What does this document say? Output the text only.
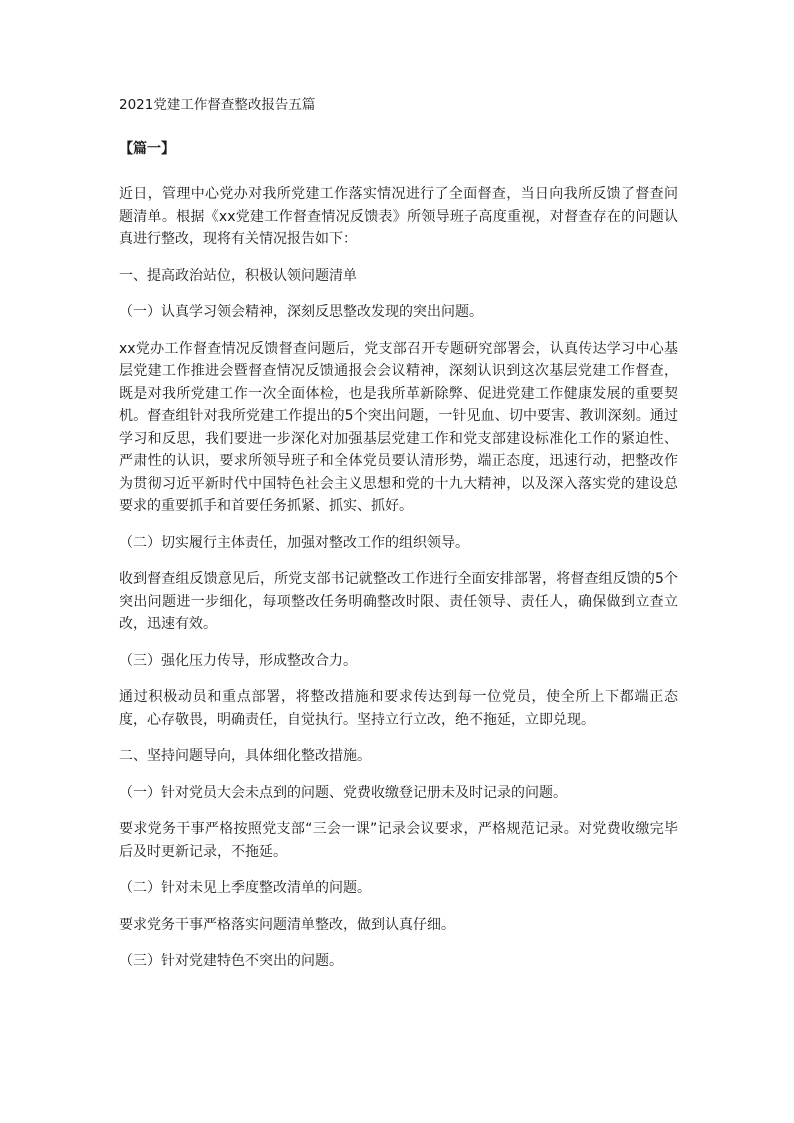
2021党建工作督查整改报告五篇

【篇一】

近日，管理中心党办对我所党建工作落实情况进行了全面督查，当日向我所反馈了督查问题清单。根据《xx党建工作督查情况反馈表》所领导班子高度重视，对督查存在的问题认真进行整改，现将有关情况报告如下：

一、提高政治站位，积极认领问题清单

（一）认真学习领会精神，深刻反思整改发现的突出问题。

xx党办工作督查情况反馈督查问题后，党支部召开专题研究部署会，认真传达学习中心基层党建工作推进会暨督查情况反馈通报会会议精神，深刻认识到这次基层党建工作督查，既是对我所党建工作一次全面体检，也是我所革新除弊、促进党建工作健康发展的重要契机。督查组针对我所党建工作提出的5个突出问题，一针见血、切中要害、教训深刻。通过学习和反思，我们要进一步深化对加强基层党建工作和党支部建设标准化工作的紧迫性、严肃性的认识，要求所领导班子和全体党员要认清形势，端正态度，迅速行动，把整改作为贯彻习近平新时代中国特色社会主义思想和党的十九大精神，以及深入落实党的建设总要求的重要抓手和首要任务抓紧、抓实、抓好。

（二）切实履行主体责任，加强对整改工作的组织领导。

收到督查组反馈意见后，所党支部书记就整改工作进行全面安排部署，将督查组反馈的5个突出问题进一步细化，每项整改任务明确整改时限、责任领导、责任人，确保做到立查立改，迅速有效。

（三）强化压力传导，形成整改合力。

通过积极动员和重点部署，将整改措施和要求传达到每一位党员，使全所上下都端正态度，心存敬畏，明确责任，自觉执行。坚持立行立改，绝不拖延，立即兑现。

二、坚持问题导向，具体细化整改措施。

（一）针对党员大会未点到的问题、党费收缴登记册未及时记录的问题。

要求党务干事严格按照党支部“三会一课”记录会议要求，严格规范记录。对党费收缴完毕后及时更新记录，不拖延。

（二）针对未见上季度整改清单的问题。

要求党务干事严格落实问题清单整改，做到认真仔细。

（三）针对党建特色不突出的问题。
